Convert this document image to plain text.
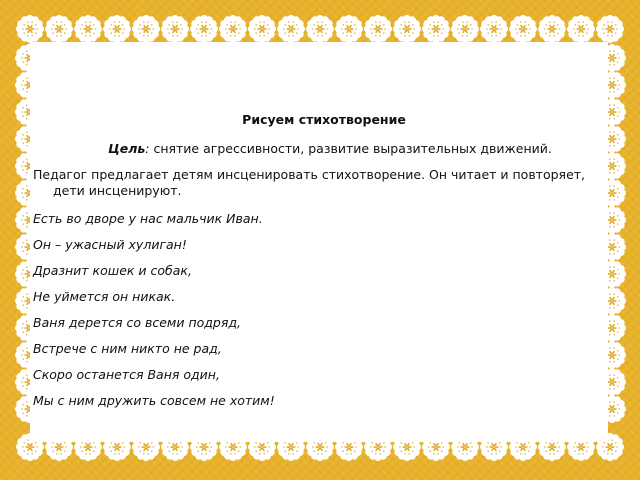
Рисуем стихотворение
Цель: снятие агрессивности, развитие выразительных движений.
Педагог предлагает детям инсценировать стихотворение. Он читает и повторяет,
дети инсценируют.
Есть во дворе у нас мальчик Иван.
Он – ужасный хулиган!
Дразнит кошек и собак,
Не уймется он никак.
Ваня дерется со всеми подряд,
Встрече с ним никто не рад,
Скоро останется Ваня один,
Мы с ним дружить совсем не хотим!
